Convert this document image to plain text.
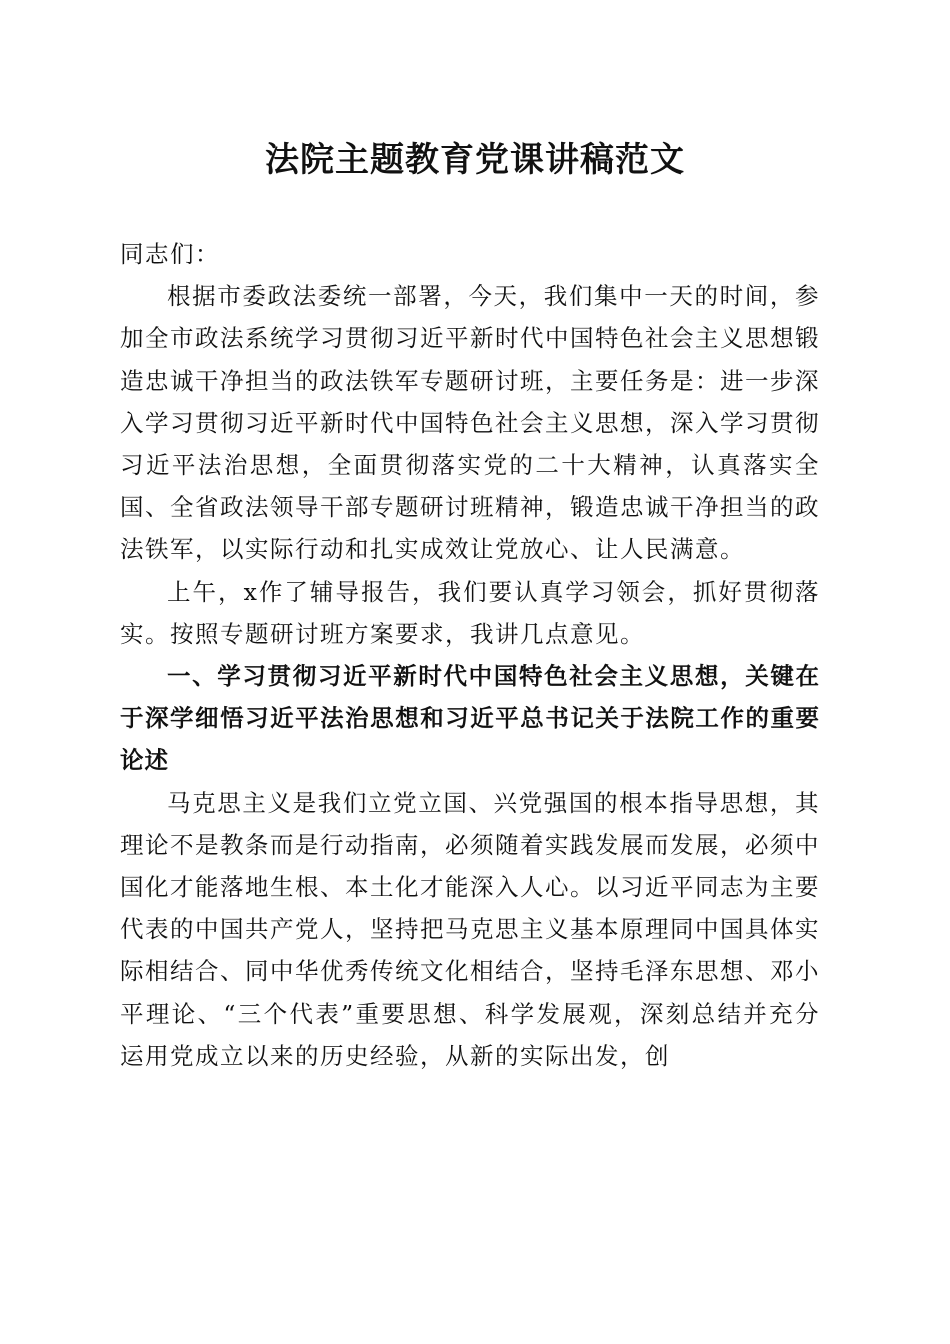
法院主题教育党课讲稿范文

同志们：

根据市委政法委统一部署，今天，我们集中一天的时间，参加全市政法系统学习贯彻习近平新时代中国特色社会主义思想锻造忠诚干净担当的政法铁军专题研讨班，主要任务是：进一步深入学习贯彻习近平新时代中国特色社会主义思想，深入学习贯彻习近平法治思想，全面贯彻落实党的二十大精神，认真落实全国、全省政法领导干部专题研讨班精神，锻造忠诚干净担当的政法铁军，以实际行动和扎实成效让党放心、让人民满意。

上午，x作了辅导报告，我们要认真学习领会，抓好贯彻落实。按照专题研讨班方案要求，我讲几点意见。

一、学习贯彻习近平新时代中国特色社会主义思想，关键在于深学细悟习近平法治思想和习近平总书记关于法院工作的重要论述

马克思主义是我们立党立国、兴党强国的根本指导思想，其理论不是教条而是行动指南，必须随着实践发展而发展，必须中国化才能落地生根、本土化才能深入人心。以习近平同志为主要代表的中国共产党人，坚持把马克思主义基本原理同中国具体实际相结合、同中华优秀传统文化相结合，坚持毛泽东思想、邓小平理论、“三个代表”重要思想、科学发展观，深刻总结并充分运用党成立以来的历史经验，从新的实际出发，创
